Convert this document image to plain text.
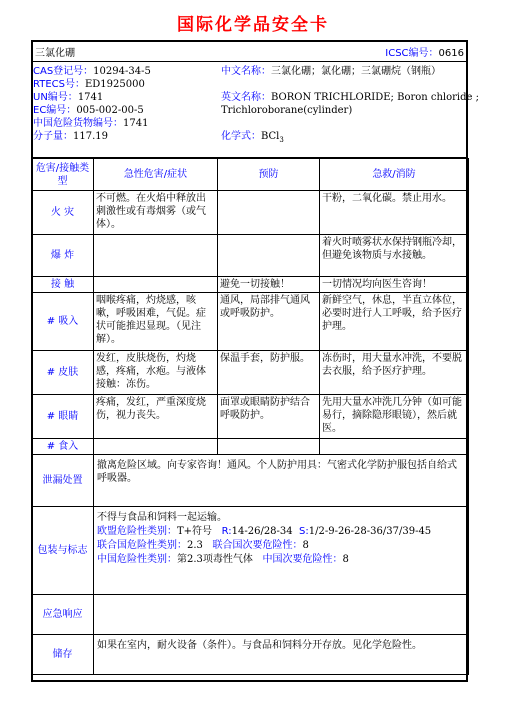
国际化学品安全卡
三氯化硼	ICSC编号：0616
CAS登记号：10294-34-5
RTECS号：ED1925000
UN编号：1741
EC编号：005-002-00-5
中国危险货物编号：1741
分子量：117.19
中文名称：三氯化硼；氯化硼；三氯硼烷（钢瓶）
英文名称：BORON TRICHLORIDE; Boron chloride ;
Trichloroborane(cylinder)
化学式：BCl$_3$
危害/接触类型	急性危害/症状	预防	急救/消防
火 灾	不可燃。在火焰中释放出刺激性或有毒烟雾（或气体）。		干粉，二氧化碳。禁止用水。
爆 炸			着火时喷雾状水保持钢瓶冷却，但避免该物质与水接触。
接 触		避免一切接触！	一切情况均向医生咨询！
# 吸入	咽喉疼痛，灼烧感，咳嗽，呼吸困难，气促。症状可能推迟显现。（见注解）。	通风，局部排气通风或呼吸防护。	新鲜空气，休息，半直立体位，必要时进行人工呼吸，给予医疗护理。
# 皮肤	发红，皮肤烧伤，灼烧感，疼痛，水疱。与液体接触：冻伤。	保温手套，防护服。	冻伤时，用大量水冲洗，不要脱去衣服，给予医疗护理。
# 眼睛	疼痛，发红，严重深度烧伤，视力丧失。	面罩或眼睛防护结合呼吸防护。	先用大量水冲洗几分钟（如可能易行，摘除隐形眼镜），然后就医。
# 食入			
泄漏处置	撤离危险区域。向专家咨询！通风。个人防护用具：气密式化学防护服包括自给式呼吸器。		
包装与标志	不得与食品和饲料一起运输。
欧盟危险性类别：T+符号 R:14-26/28-34 S:1/2-9-26-28-36/37/39-45
联合国危险性类别：2.3 联合国次要危险性：8
中国危险性类别：第2.3项毒性气体 中国次要危险性：8		

应急响应			
储存	如果在室内，耐火设备（条件）。与食品和饲料分开存放。见化学危险性。		
